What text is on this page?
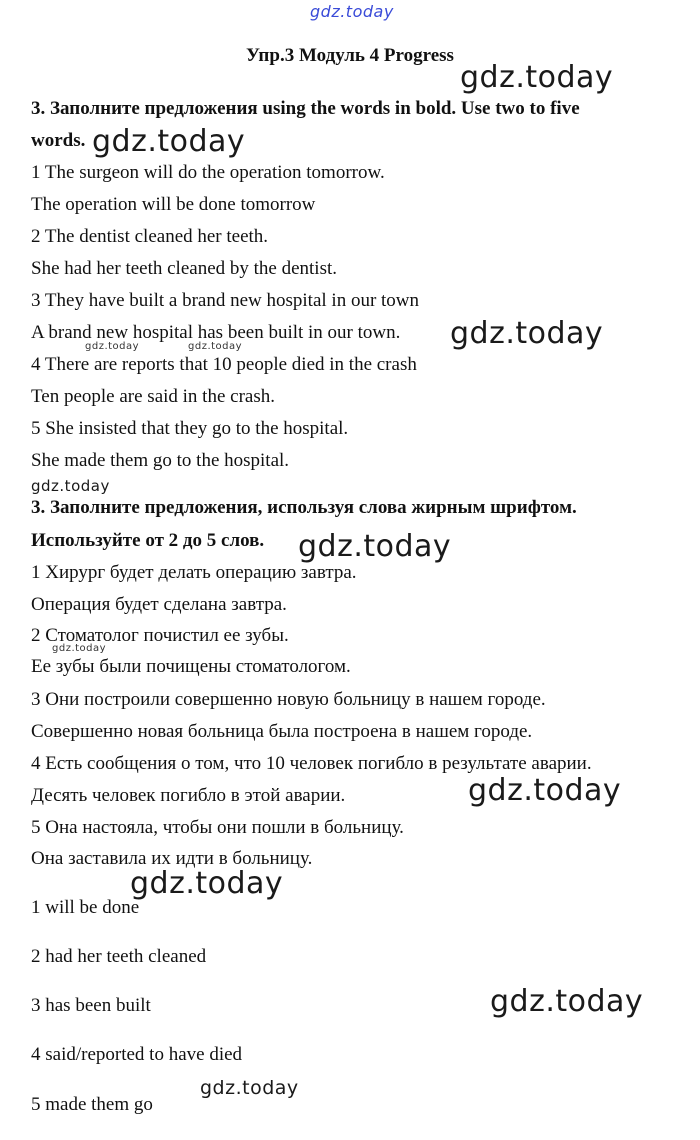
gdz.today
Упр.3 Модуль 4 Progress
gdz.today
3. Заполните предложения using the words in bold. Use two to five
words. gdz.today
1 The surgeon will do the operation tomorrow.
The operation will be done tomorrow
2 The dentist cleaned her teeth.
She had her teeth cleaned by the dentist.
3 They have built a brand new hospital in our town
A brand new hospital has been built in our town. gdz.today
gdz.today	gdz.today
4 There are reports that 10 people died in the crash
Ten people are said in the crash.
5 She insisted that they go to the hospital.
She made them go to the hospital.
gdz.today
3. Заполните предложения, используя слова жирным шрифтом.
Используйте от 2 до 5 слов. gdz.today
1 Хирург будет делать операцию завтра.
Операция будет сделана завтра.
2 Стоматолог почистил ее зубы.
gdz.today
Ее зубы были почищены стоматологом.
3 Они построили совершенно новую больницу в нашем городе.
Совершенно новая больница была построена в нашем городе.
4 Есть сообщения о том, что 10 человек погибло в результате аварии.
Десять человек погибло в этой аварии.	gdz.today
5 Она настояла, чтобы они пошли в больницу.
Она заставила их идти в больницу.
gdz.today
1 will be done
2 had her teeth cleaned
3 has been built	gdz.today
4 said/reported to have died
gdz.today
5 made them go
